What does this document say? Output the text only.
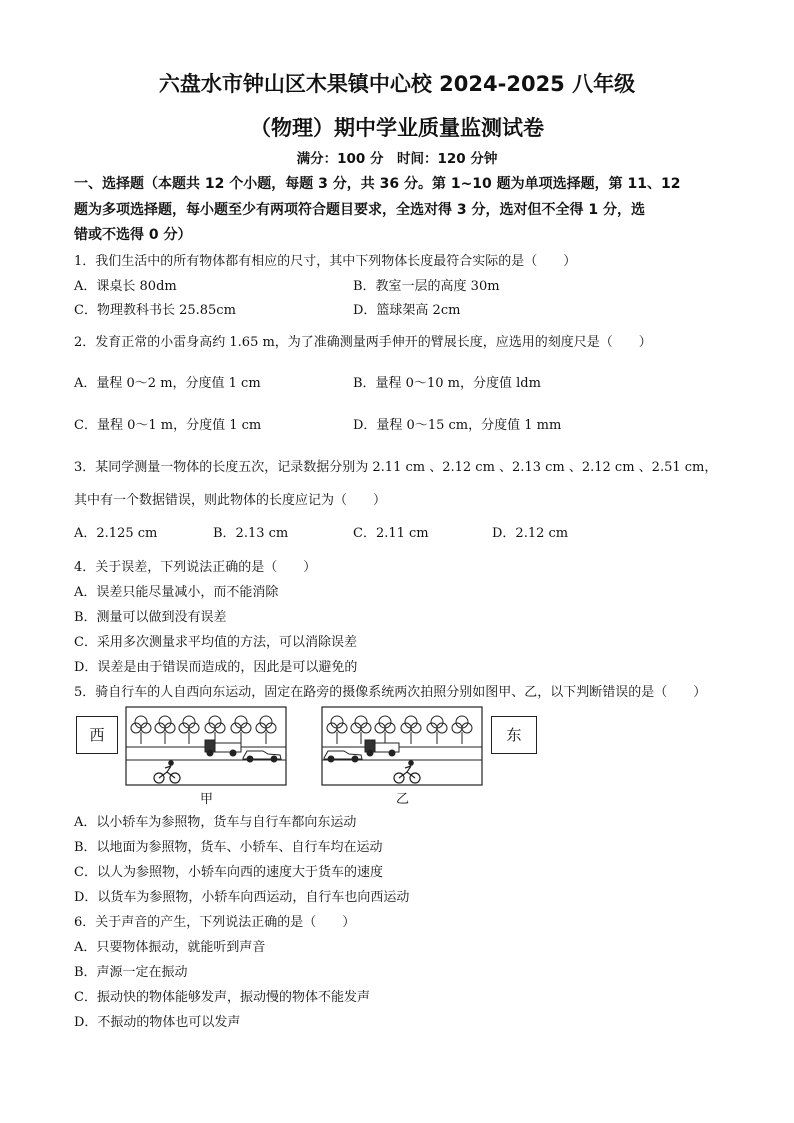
六盘水市钟山区木果镇中心校 2024-2025 八年级
（物理）期中学业质量监测试卷
满分：100 分　时间：120 分钟
一、选择题（本题共 12 个小题，每题 3 分，共 36 分。第 1~10 题为单项选择题，第 11、12
题为多项选择题，每小题至少有两项符合题目要求，全选对得 3 分，选对但不全得 1 分，选
错或不选得 0 分）
1．我们生活中的所有物体都有相应的尺寸，其中下列物体长度最符合实际的是（　　）
A．课桌长 80dm	B．教室一层的高度 30m
C．物理教科书长 25.85cm	D．篮球架高 2cm
2．发育正常的小雷身高约 1.65 m，为了准确测量两手伸开的臂展长度，应选用的刻度尺是（　　）
A．量程 0～2 m，分度值 1 cm	B．量程 0～10 m，分度值 ldm
C．量程 0～1 m，分度值 1 cm	D．量程 0～15 cm，分度值 1 mm
3．某同学测量一物体的长度五次，记录数据分别为 2.11 cm 、2.12 cm 、2.13 cm 、2.12 cm 、2.51 cm，
其中有一个数据错误，则此物体的长度应记为（　　）
A．2.125 cm	B．2.13 cm	C．2.11 cm	D．2.12 cm
4．关于误差，下列说法正确的是（　　）
A．误差只能尽量减小，而不能消除
B．测量可以做到没有误差
C．采用多次测量求平均值的方法，可以消除误差
D．误差是由于错误而造成的，因此是可以避免的
5．骑自行车的人自西向东运动，固定在路旁的摄像系统两次拍照分别如图甲、乙，以下判断错误的是（　　）
西	东
甲	乙
A．以小轿车为参照物，货车与自行车都向东运动
B．以地面为参照物，货车、小轿车、自行车均在运动
C．以人为参照物，小轿车向西的速度大于货车的速度
D．以货车为参照物，小轿车向西运动，自行车也向西运动
6．关于声音的产生，下列说法正确的是（　　）
A．只要物体振动，就能听到声音
B．声源一定在振动
C．振动快的物体能够发声，振动慢的物体不能发声
D．不振动的物体也可以发声
